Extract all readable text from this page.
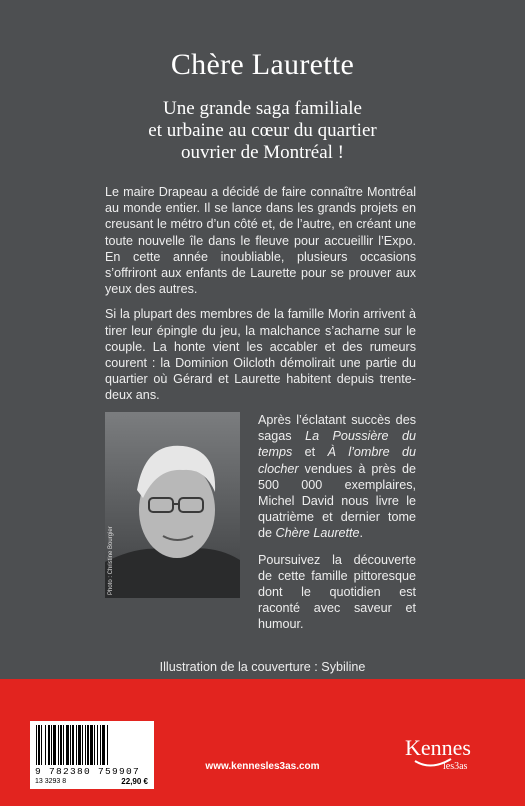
Chère Laurette
Une grande saga familiale
et urbaine au cœur du quartier
ouvrier de Montréal !

Le maire Drapeau a décidé de faire connaître Montréal au monde entier. Il se lance dans les grands projets en creusant le métro d’un côté et, de l’autre, en créant une toute nouvelle île dans le fleuve pour accueillir l’Expo. En cette année inoubliable, plusieurs occasions s’offriront aux enfants de Laurette pour se prouver aux yeux des autres.

Si la plupart des membres de la famille Morin arrivent à tirer leur épingle du jeu, la malchance s’acharne sur le couple. La honte vient les accabler et des rumeurs courent : la Dominion Oilcloth démolirait une partie du quartier où Gérard et Laurette habitent depuis trente-deux ans.

Photo : Christine Bourgier

Après l’éclatant succès des sagas La Poussière du temps et À l’ombre du clocher vendues à près de 500 000 exemplaires, Michel David nous livre le quatrième et dernier tome de Chère Laurette.

Poursuivez la découverte de cette famille pittoresque dont le quotidien est raconté avec saveur et humour.

Illustration de la couverture : Sybiline
9 782380 759907
13 3293 8	22,90 €
www.kennesles3as.com
Kennes
les3as
